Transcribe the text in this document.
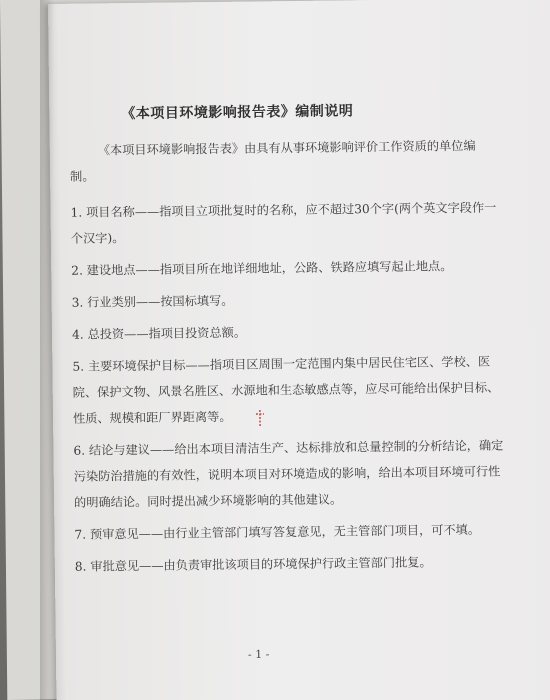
《本项目环境影响报告表》编制说明

《本项目环境影响报告表》由具有从事环境影响评价工作资质的单位编制。

1. 项目名称——指项目立项批复时的名称，应不超过30个字(两个英文字段作一个汉字)。

2. 建设地点——指项目所在地详细地址，公路、铁路应填写起止地点。

3. 行业类别——按国标填写。

4. 总投资——指项目投资总额。

5. 主要环境保护目标——指项目区周围一定范围内集中居民住宅区、学校、医院、保护文物、风景名胜区、水源地和生态敏感点等，应尽可能给出保护目标、性质、规模和距厂界距离等。

6. 结论与建议——给出本项目清洁生产、达标排放和总量控制的分析结论，确定污染防治措施的有效性，说明本项目对环境造成的影响，给出本项目环境可行性的明确结论。同时提出减少环境影响的其他建议。

7. 预审意见——由行业主管部门填写答复意见，无主管部门项目，可不填。

8. 审批意见——由负责审批该项目的环境保护行政主管部门批复。

- 1 -
